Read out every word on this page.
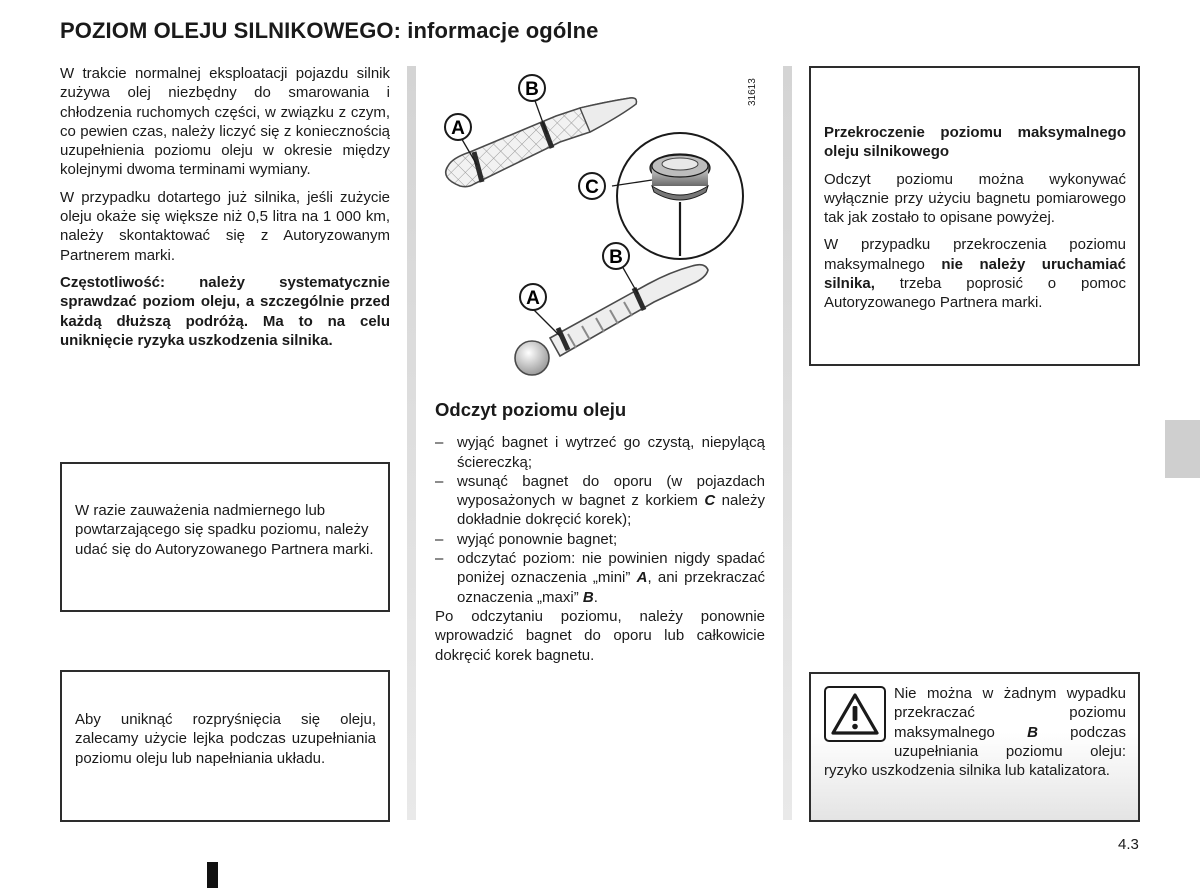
POZIOM OLEJU SILNIKOWEGO: informacje ogólne

W trakcie normalnej eksploatacji pojazdu silnik zużywa olej niezbędny do smarowania i chłodzenia ruchomych części, w związku z czym, co pewien czas, należy liczyć się z koniecznością uzupełnienia poziomu oleju w okresie między kolejnymi dwoma terminami wymiany.

W przypadku dotartego już silnika, jeśli zużycie oleju okaże się większe niż 0,5 litra na 1 000 km, należy skontaktować się z Autoryzowanym Partnerem marki.

Częstotliwość: należy systematycznie sprawdzać poziom oleju, a szczególnie przed każdą dłuższą podróżą. Ma to na celu uniknięcie ryzyka uszkodzenia silnika.

W razie zauważenia nadmiernego lub powtarzającego się spadku poziomu, należy udać się do Autoryzowanego Partnera marki.
Aby uniknąć rozpryśnięcia się oleju, zalecamy użycie lejka podczas uzupełniania poziomu oleju lub napełniania układu.
31613
B
A
C
B
A
Odczyt poziomu oleju
– wyjąć bagnet i wytrzeć go czystą, niepylącą ściereczką;
– wsunąć bagnet do oporu (w pojazdach wyposażonych w bagnet z korkiem C należy dokładnie dokręcić korek);
– wyjąć ponownie bagnet;
– odczytać poziom: nie powinien nigdy spadać poniżej oznaczenia „mini” A, ani przekraczać oznaczenia „maxi” B.

Po odczytaniu poziomu, należy ponownie wprowadzić bagnet do oporu lub całkowicie dokręcić korek bagnetu.

Przekroczenie poziomu maksymalnego oleju silnikowego

Odczyt poziomu można wykonywać wyłącznie przy użyciu bagnetu pomiarowego tak jak zostało to opisane powyżej.

W przypadku przekroczenia poziomu maksymalnego nie należy uruchamiać silnika, trzeba poprosić o pomoc Autoryzowanego Partnera marki.

Nie można w żadnym wypadku przekraczać poziomu maksymalnego B podczas uzupełniania poziomu oleju: ryzyko uszkodzenia silnika lub katalizatora.
4.3
